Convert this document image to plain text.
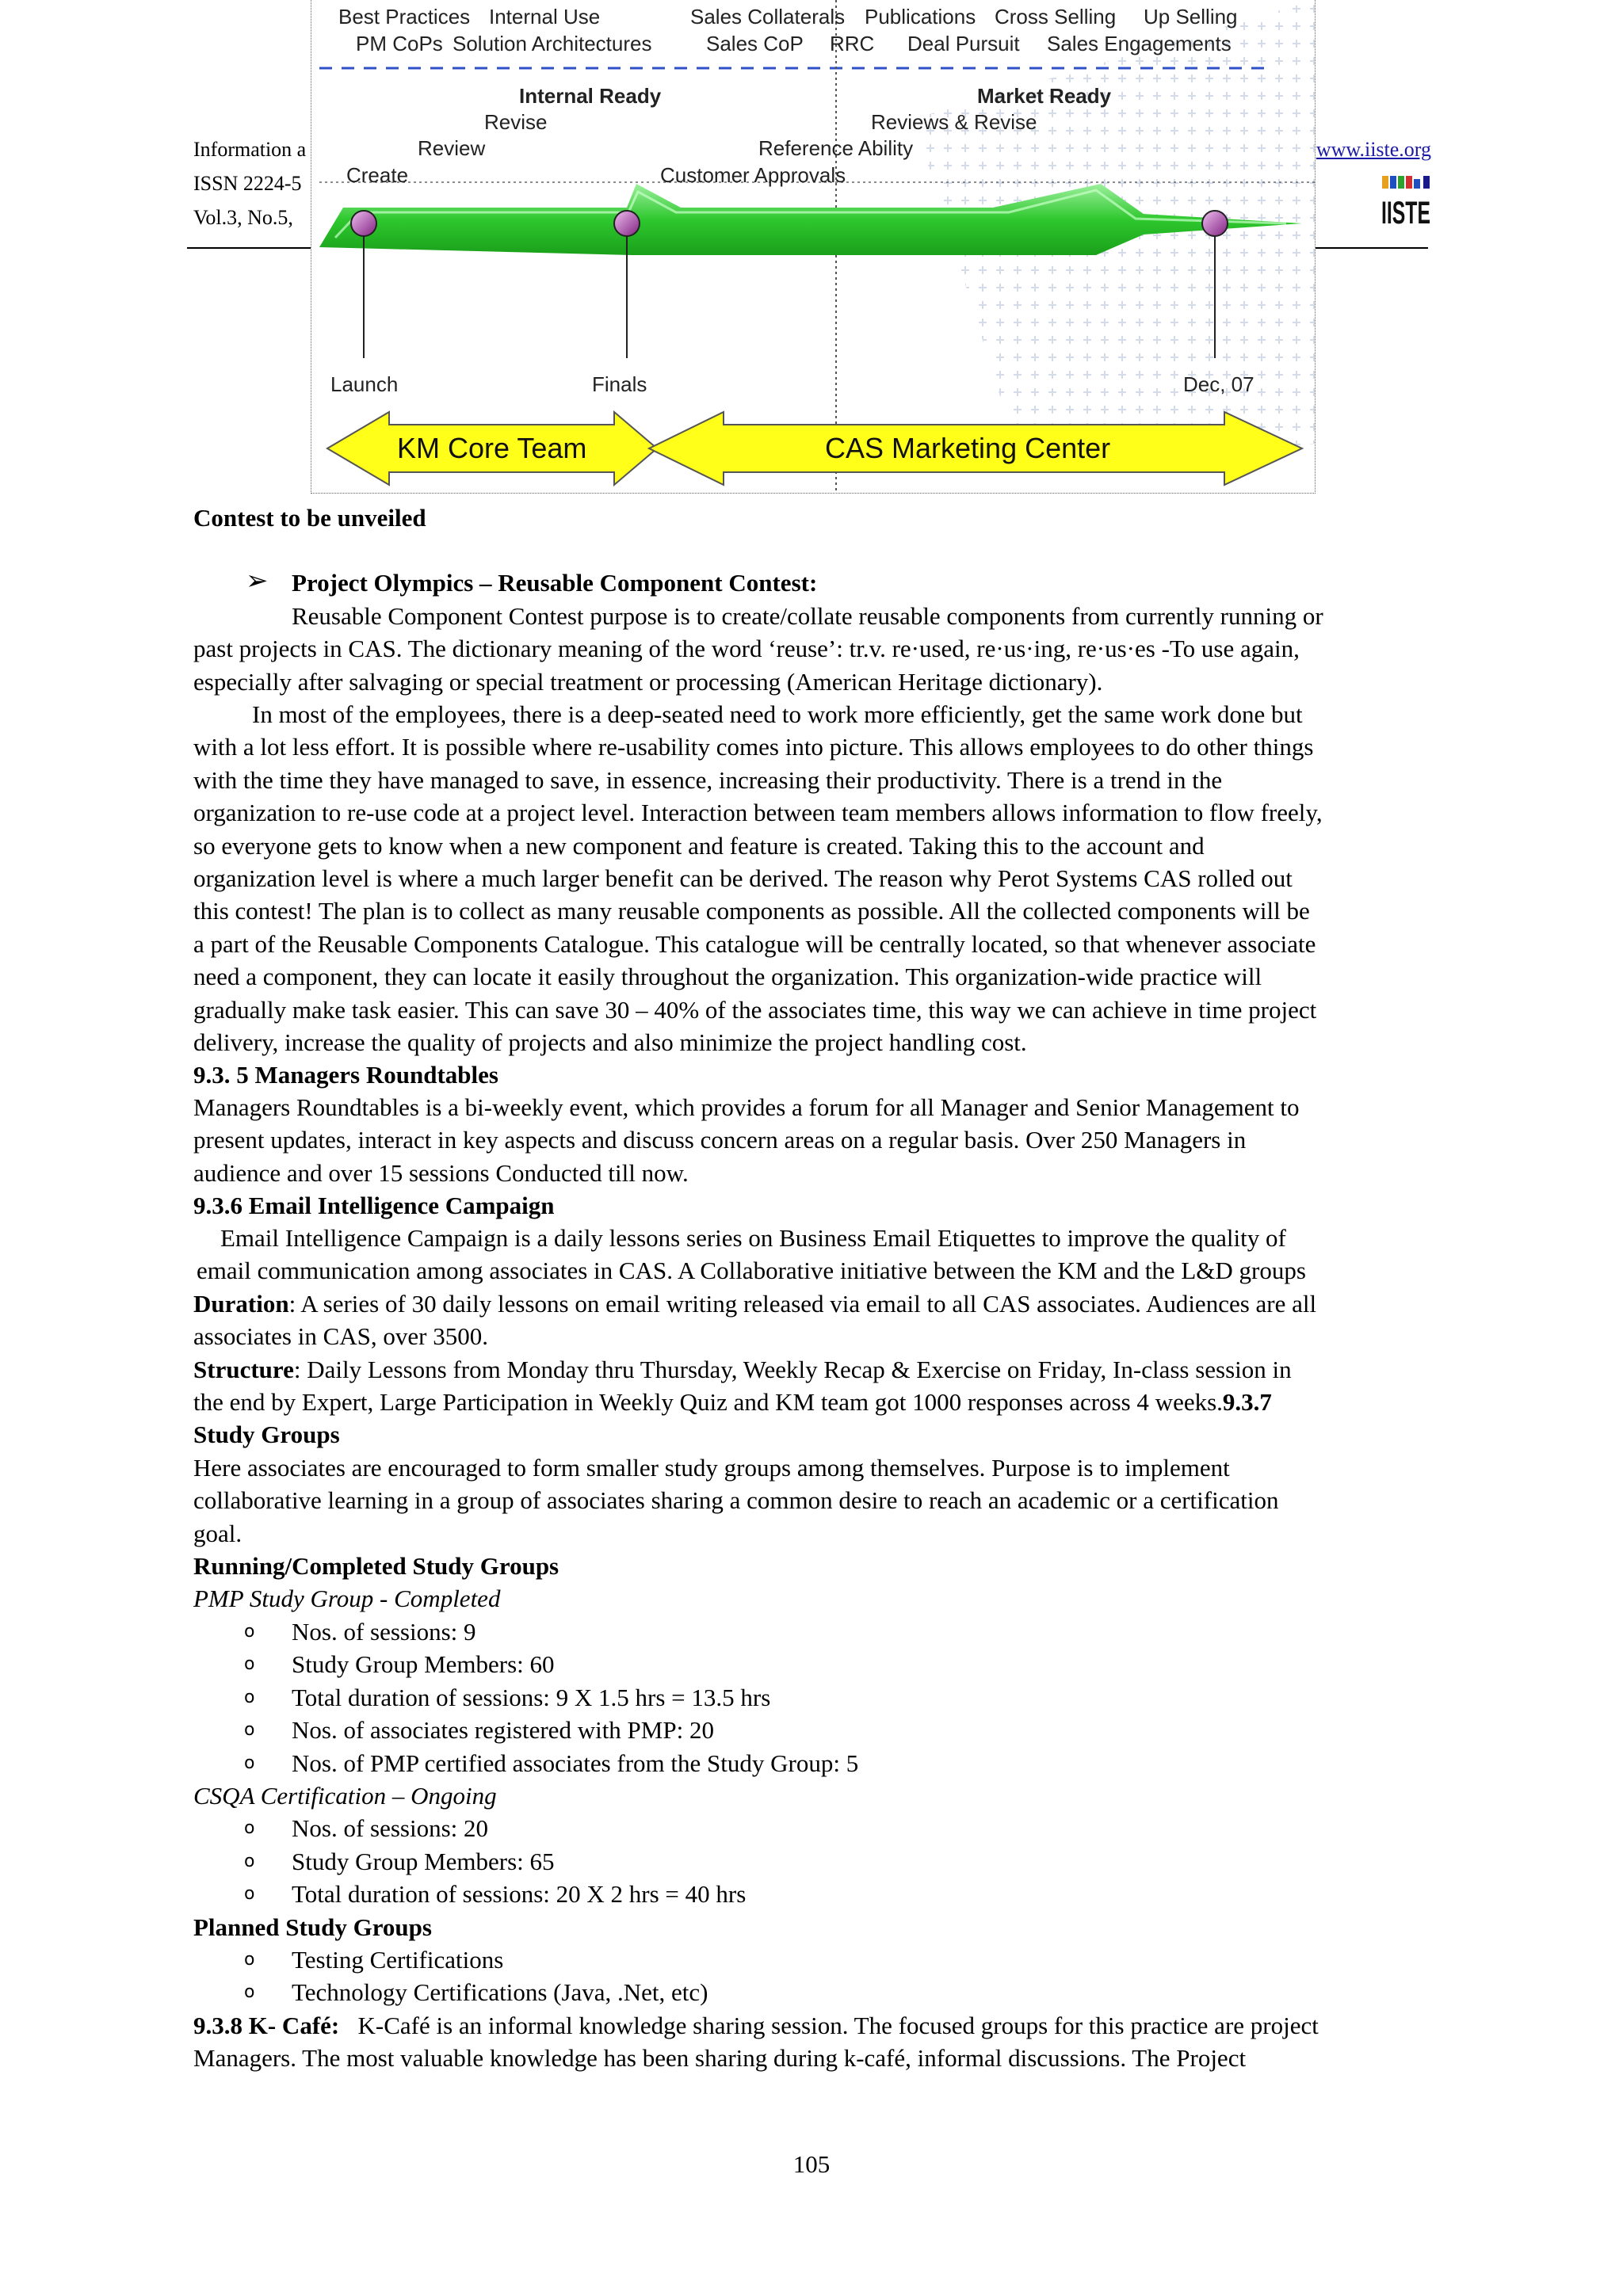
Information a
ISSN 2224-5
Vol.3, No.5,
www.iiste.org
IISTE
Best Practices Internal Use	Sales Collaterals Publications Cross Selling Up Selling
PM CoPs Solution Architectures	Sales CoP RRC Deal Pursuit Sales Engagements
Internal Ready	Market Ready
Revise	Reviews & Revise
Review	Reference Ability
Create	Customer Approvals
Launch	Finals	Dec, 07
KM Core Team	CAS Marketing Center
Contest to be unveiled
➢ Project Olympics – Reusable Component Contest:
Reusable Component Contest purpose is to create/collate reusable components from currently running or
past projects in CAS. The dictionary meaning of the word ‘reuse’: tr.v. re·used, re·us·ing, re·us·es -To use again,
especially after salvaging or special treatment or processing (American Heritage dictionary).
In most of the employees, there is a deep-seated need to work more efficiently, get the same work done but
with a lot less effort. It is possible where re-usability comes into picture. This allows employees to do other things
with the time they have managed to save, in essence, increasing their productivity. There is a trend in the
organization to re-use code at a project level. Interaction between team members allows information to flow freely,
so everyone gets to know when a new component and feature is created. Taking this to the account and
organization level is where a much larger benefit can be derived. The reason why Perot Systems CAS rolled out
this contest! The plan is to collect as many reusable components as possible. All the collected components will be
a part of the Reusable Components Catalogue. This catalogue will be centrally located, so that whenever associate
need a component, they can locate it easily throughout the organization. This organization-wide practice will
gradually make task easier. This can save 30 – 40% of the associates time, this way we can achieve in time project
delivery, increase the quality of projects and also minimize the project handling cost.
9.3. 5 Managers Roundtables
Managers Roundtables is a bi-weekly event, which provides a forum for all Manager and Senior Management to
present updates, interact in key aspects and discuss concern areas on a regular basis. Over 250 Managers in
audience and over 15 sessions Conducted till now.
9.3.6 Email Intelligence Campaign
Email Intelligence Campaign is a daily lessons series on Business Email Etiquettes to improve the quality of
email communication among associates in CAS. A Collaborative initiative between the KM and the L&D groups
Duration: A series of 30 daily lessons on email writing released via email to all CAS associates. Audiences are all
associates in CAS, over 3500.
Structure: Daily Lessons from Monday thru Thursday, Weekly Recap & Exercise on Friday, In-class session in
the end by Expert, Large Participation in Weekly Quiz and KM team got 1000 responses across 4 weeks.9.3.7
Study Groups
Here associates are encouraged to form smaller study groups among themselves. Purpose is to implement
collaborative learning in a group of associates sharing a common desire to reach an academic or a certification
goal.
Running/Completed Study Groups
PMP Study Group - Completed
o Nos. of sessions: 9
o Study Group Members: 60
o Total duration of sessions: 9 X 1.5 hrs = 13.5 hrs
o Nos. of associates registered with PMP: 20
o Nos. of PMP certified associates from the Study Group: 5
CSQA Certification – Ongoing
o Nos. of sessions: 20
o Study Group Members: 65
o Total duration of sessions: 20 X 2 hrs = 40 hrs
Planned Study Groups
o Testing Certifications
o Technology Certifications (Java, .Net, etc)
9.3.8 K- Café: K-Café is an informal knowledge sharing session. The focused groups for this practice are project
Managers. The most valuable knowledge has been sharing during k-café, informal discussions. The Project
105
